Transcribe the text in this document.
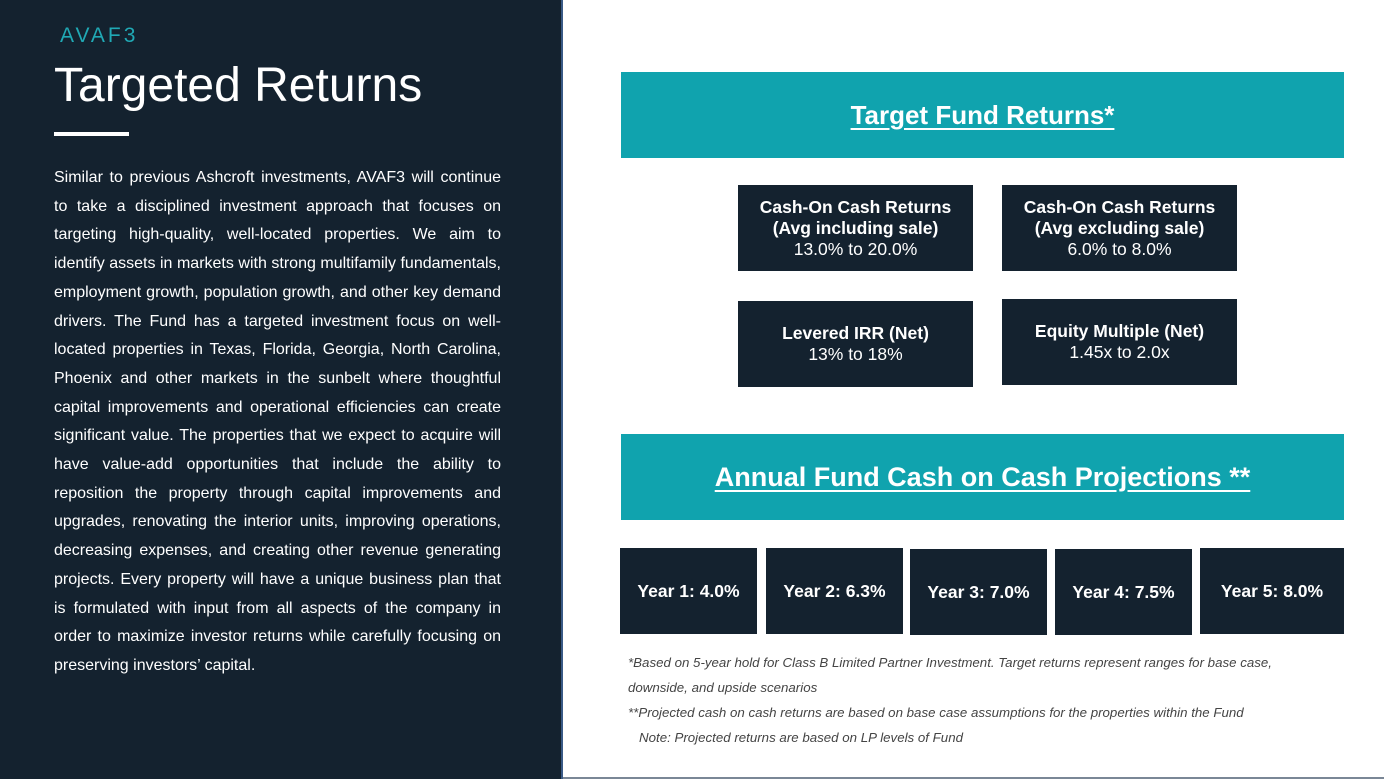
AVAF3
Targeted Returns

Similar to previous Ashcroft investments, AVAF3 will continue to take a disciplined investment approach that focuses on targeting high-quality, well-located properties. We aim to identify assets in markets with strong multifamily fundamentals, employment growth, population growth, and other key demand drivers. The Fund has a targeted investment focus on well-located properties in Texas, Florida, Georgia, North Carolina, Phoenix and other markets in the sunbelt where thoughtful capital improvements and operational efficiencies can create significant value. The properties that we expect to acquire will have value-add opportunities that include the ability to reposition the property through capital improvements and upgrades, renovating the interior units, improving operations, decreasing expenses, and creating other revenue generating projects. Every property will have a unique business plan that is formulated with input from all aspects of the company in order to maximize investor returns while carefully focusing on preserving investors’ capital.

Target Fund Returns*
Cash-On Cash Returns
(Avg including sale)
13.0% to 20.0%
Cash-On Cash Returns
(Avg excluding sale)
6.0% to 8.0%
Levered IRR (Net)
13% to 18%
Equity Multiple (Net)
1.45x to 2.0x
Annual Fund Cash on Cash Projections **
Year 1: 4.0%	Year 2: 6.3%	Year 3: 7.0%	Year 4: 7.5%	Year 5: 8.0%

*Based on 5-year hold for Class B Limited Partner Investment. Target returns represent ranges for base case,

downside, and upside scenarios

**Projected cash on cash returns are based on base case assumptions for the properties within the Fund

Note: Projected returns are based on LP levels of Fund
